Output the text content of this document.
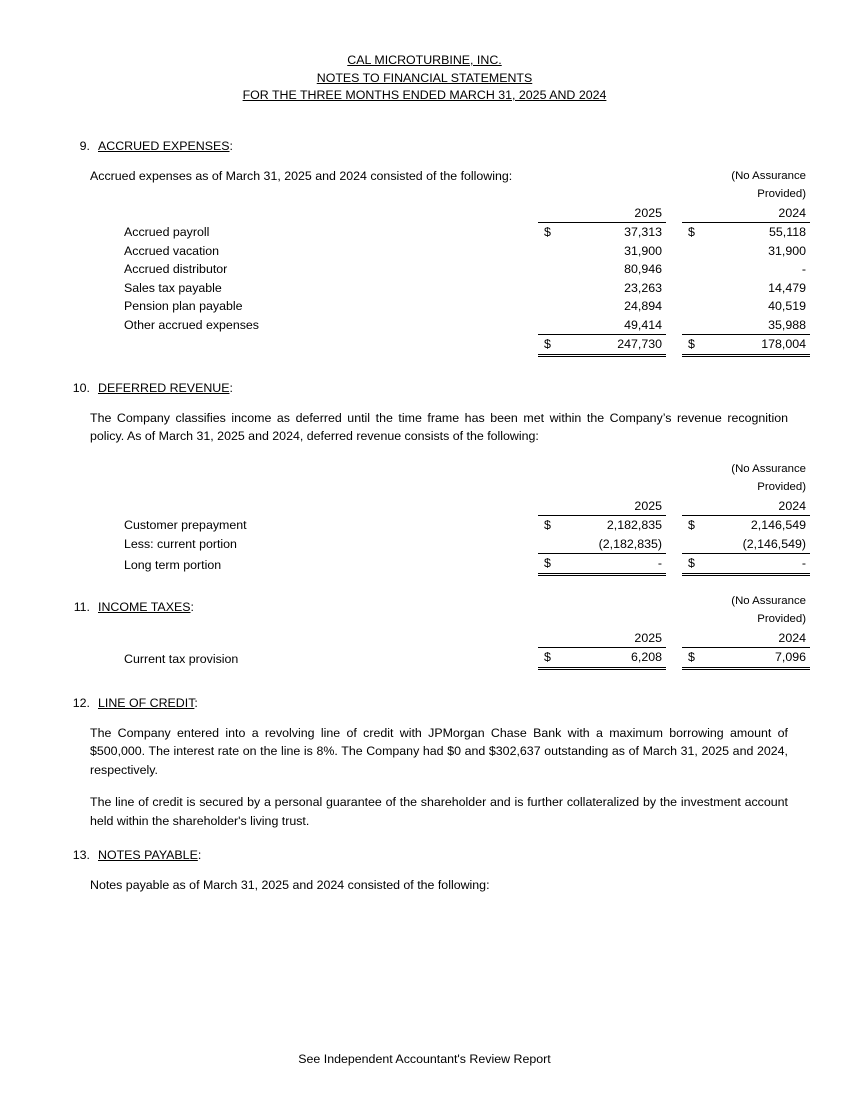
CAL MICROTURBINE, INC.
NOTES TO FINANCIAL STATEMENTS
FOR THE THREE MONTHS ENDED MARCH 31, 2025 AND 2024
9. ACCRUED EXPENSES:
Accrued expenses as of March 31, 2025 and 2024 consisted of the following:							(No Assurance
							Provided)
				2025			2024
Accrued payroll			$	37,313		$	55,118
Accrued vacation				31,900			31,900
Accrued distributor				80,946			-
Sales tax payable				23,263			14,479
Pension plan payable				24,894			40,519
Other accrued expenses				49,414			35,988
			$	247,730		$	178,004
10. DEFERRED REVENUE:

The Company classifies income as deferred until the time frame has been met within the Company’s revenue recognition policy. As of March 31, 2025 and 2024, deferred revenue consists of the following:

							(No Assurance
							Provided)
				2025			2024
Customer prepayment			$	2,182,835		$	2,146,549
Less: current portion				(2,182,835)			(2,146,549)
Long term portion			$	-		$	-
11. INCOME TAXES:
								(No Assurance
							Provided)
				2025			2024
Current tax provision			$	6,208		$	7,096
12. LINE OF CREDIT:

The Company entered into a revolving line of credit with JPMorgan Chase Bank with a maximum borrowing amount of $500,000. The interest rate on the line is 8%. The Company had $0 and $302,637 outstanding as of March 31, 2025 and 2024, respectively.

The line of credit is secured by a personal guarantee of the shareholder and is further collateralized by the investment account held within the shareholder's living trust.

13. NOTES PAYABLE:

Notes payable as of March 31, 2025 and 2024 consisted of the following:

See Independent Accountant's Review Report
